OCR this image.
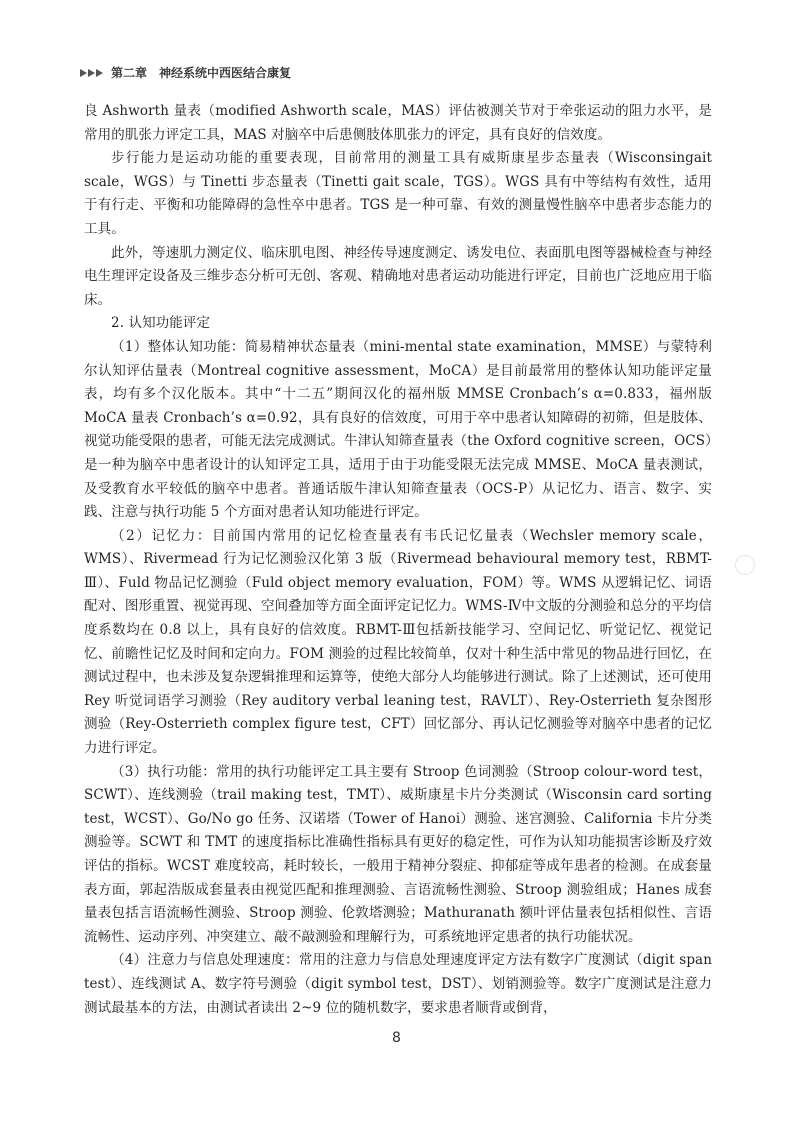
第二章 神经系统中西医结合康复

良 Ashworth 量表（modified Ashworth scale，MAS）评估被测关节对于牵张运动的阻力水平，是常用的肌张力评定工具，MAS 对脑卒中后患侧肢体肌张力的评定，具有良好的信效度。

步行能力是运动功能的重要表现，目前常用的测量工具有威斯康星步态量表（Wisconsingait scale，WGS）与 Tinetti 步态量表（Tinetti gait scale，TGS）。WGS 具有中等结构有效性，适用于有行走、平衡和功能障碍的急性卒中患者。TGS 是一种可靠、有效的测量慢性脑卒中患者步态能力的工具。

此外，等速肌力测定仪、临床肌电图、神经传导速度测定、诱发电位、表面肌电图等器械检查与神经电生理评定设备及三维步态分析可无创、客观、精确地对患者运动功能进行评定，目前也广泛地应用于临床。

2. 认知功能评定

（1）整体认知功能：简易精神状态量表（mini-mental state examination，MMSE）与蒙特利尔认知评估量表（Montreal cognitive assessment，MoCA）是目前最常用的整体认知功能评定量表，均有多个汉化版本。其中“十二五”期间汉化的福州版 MMSE Cronbach’s α=0.833，福州版 MoCA 量表 Cronbach’s α=0.92，具有良好的信效度，可用于卒中患者认知障碍的初筛，但是肢体、视觉功能受限的患者，可能无法完成测试。牛津认知筛查量表（the Oxford cognitive screen，OCS）是一种为脑卒中患者设计的认知评定工具，适用于由于功能受限无法完成 MMSE、MoCA 量表测试，及受教育水平较低的脑卒中患者。普通话版牛津认知筛查量表（OCS-P）从记忆力、语言、数字、实践、注意与执行功能 5 个方面对患者认知功能进行评定。

（2）记忆力：目前国内常用的记忆检查量表有韦氏记忆量表（Wechsler memory scale，WMS）、Rivermead 行为记忆测验汉化第 3 版（Rivermead behavioural memory test，RBMT-Ⅲ）、Fuld 物品记忆测验（Fuld object memory evaluation，FOM）等。WMS 从逻辑记忆、词语配对、图形重置、视觉再现、空间叠加等方面全面评定记忆力。WMS-Ⅳ中文版的分测验和总分的平均信度系数均在 0.8 以上，具有良好的信效度。RBMT-Ⅲ包括新技能学习、空间记忆、听觉记忆、视觉记忆、前瞻性记忆及时间和定向力。FOM 测验的过程比较简单，仅对十种生活中常见的物品进行回忆，在测试过程中，也未涉及复杂逻辑推理和运算等，使绝大部分人均能够进行测试。除了上述测试，还可使用 Rey 听觉词语学习测验（Rey auditory verbal leaning test，RAVLT）、Rey-Osterrieth 复杂图形测验（Rey-Osterrieth complex figure test，CFT）回忆部分、再认记忆测验等对脑卒中患者的记忆力进行评定。

（3）执行功能：常用的执行功能评定工具主要有 Stroop 色词测验（Stroop colour-word test，SCWT）、连线测验（trail making test，TMT）、威斯康星卡片分类测试（Wisconsin card sorting test，WCST）、Go/No go 任务、汉诺塔（Tower of Hanoi）测验、迷宫测验、California 卡片分类测验等。SCWT 和 TMT 的速度指标比准确性指标具有更好的稳定性，可作为认知功能损害诊断及疗效评估的指标。WCST 难度较高，耗时较长，一般用于精神分裂症、抑郁症等成年患者的检测。在成套量表方面，郭起浩版成套量表由视觉匹配和推理测验、言语流畅性测验、Stroop 测验组成；Hanes 成套量表包括言语流畅性测验、Stroop 测验、伦敦塔测验；Mathuranath 额叶评估量表包括相似性、言语流畅性、运动序列、冲突建立、敲不敲测验和理解行为，可系统地评定患者的执行功能状况。

（4）注意力与信息处理速度：常用的注意力与信息处理速度评定方法有数字广度测试（digit span test）、连线测试 A、数字符号测验（digit symbol test，DST）、划销测验等。数字广度测试是注意力测试最基本的方法，由测试者读出 2~9 位的随机数字，要求患者顺背或倒背，

8
